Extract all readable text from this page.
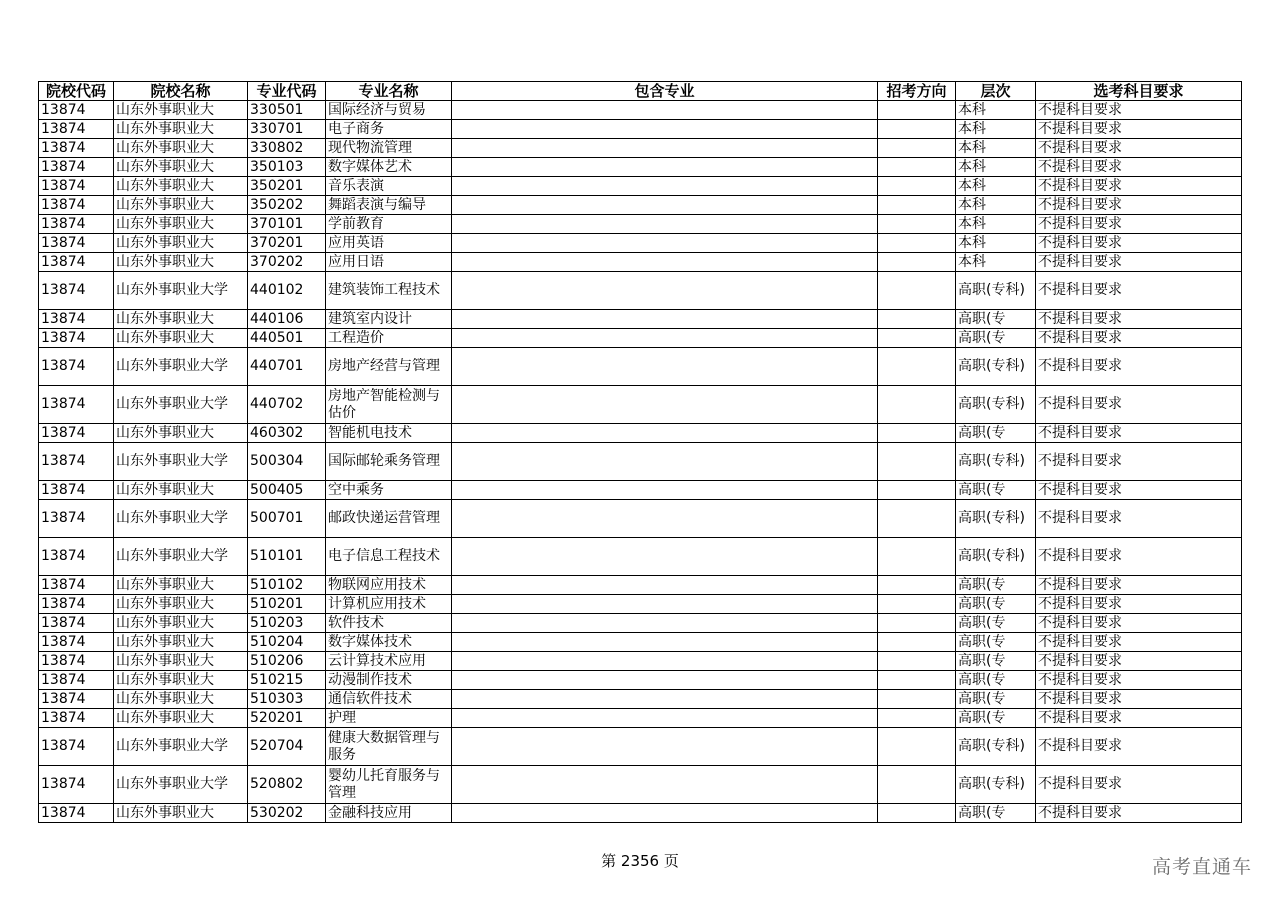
院校代码	院校名称	专业代码	专业名称	包含专业	招考方向	层次	选考科目要求
13874	山东外事职业大	330501	国际经济与贸易			本科	不提科目要求
13874	山东外事职业大	330701	电子商务			本科	不提科目要求
13874	山东外事职业大	330802	现代物流管理			本科	不提科目要求
13874	山东外事职业大	350103	数字媒体艺术			本科	不提科目要求
13874	山东外事职业大	350201	音乐表演			本科	不提科目要求
13874	山东外事职业大	350202	舞蹈表演与编导			本科	不提科目要求
13874	山东外事职业大	370101	学前教育			本科	不提科目要求
13874	山东外事职业大	370201	应用英语			本科	不提科目要求
13874	山东外事职业大	370202	应用日语			本科	不提科目要求
13874	山东外事职业大学	440102	建筑装饰工程技术			高职(专科)	不提科目要求
13874	山东外事职业大	440106	建筑室内设计			高职(专	不提科目要求
13874	山东外事职业大	440501	工程造价			高职(专	不提科目要求
13874	山东外事职业大学	440701	房地产经营与管理			高职(专科)	不提科目要求
13874	山东外事职业大学	440702	房地产智能检测与估价			高职(专科)	不提科目要求
13874	山东外事职业大	460302	智能机电技术			高职(专	不提科目要求
13874	山东外事职业大学	500304	国际邮轮乘务管理			高职(专科)	不提科目要求
13874	山东外事职业大	500405	空中乘务			高职(专	不提科目要求
13874	山东外事职业大学	500701	邮政快递运营管理			高职(专科)	不提科目要求
13874	山东外事职业大学	510101	电子信息工程技术			高职(专科)	不提科目要求
13874	山东外事职业大	510102	物联网应用技术			高职(专	不提科目要求
13874	山东外事职业大	510201	计算机应用技术			高职(专	不提科目要求
13874	山东外事职业大	510203	软件技术			高职(专	不提科目要求
13874	山东外事职业大	510204	数字媒体技术			高职(专	不提科目要求
13874	山东外事职业大	510206	云计算技术应用			高职(专	不提科目要求
13874	山东外事职业大	510215	动漫制作技术			高职(专	不提科目要求
13874	山东外事职业大	510303	通信软件技术			高职(专	不提科目要求
13874	山东外事职业大	520201	护理			高职(专	不提科目要求
13874	山东外事职业大学	520704	健康大数据管理与服务			高职(专科)	不提科目要求
13874	山东外事职业大学	520802	婴幼儿托育服务与管理			高职(专科)	不提科目要求
13874	山东外事职业大	530202	金融科技应用			高职(专	不提科目要求
第 2356 页	高考直通车
